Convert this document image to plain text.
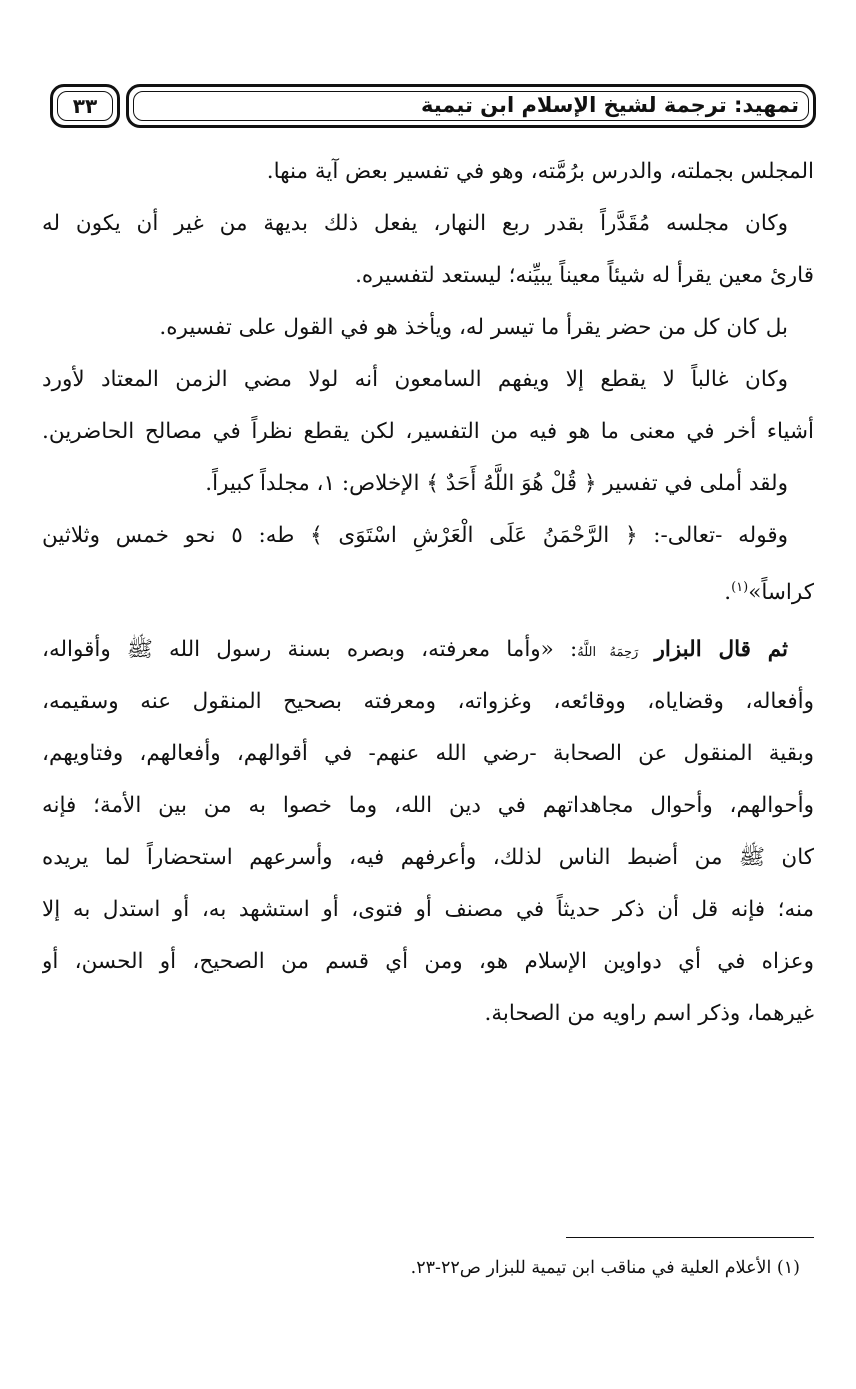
تمهيد: ترجمة لشيخ الإسلام ابن تيمية
٣٣
المجلس بجملته، والدرس برُمَّته، وهو في تفسير بعض آية منها.
وكان مجلسه مُقَدَّراً بقدر ربع النهار، يفعل ذلك بديهة من غير أن يكون له
قارئ معين يقرأ له شيئاً معيناً يبيِّنه؛ ليستعد لتفسيره.
بل كان كل من حضر يقرأ ما تيسر له، ويأخذ هو في القول على تفسيره.
وكان غالباً لا يقطع إلا ويفهم السامعون أنه لولا مضي الزمن المعتاد لأورد
أشياء أخر في معنى ما هو فيه من التفسير، لكن يقطع نظراً في مصالح الحاضرين.
ولقد أملى في تفسير ﴿ قُلْ هُوَ اللَّهُ أَحَدٌ ﴾ الإخلاص: ١، مجلداً كبيراً.
وقوله -تعالى-: ﴿ الرَّحْمَنُ عَلَى الْعَرْشِ اسْتَوَى ﴾ طه: ٥ نحو خمس وثلاثين
كراساً»$^{(١)}$.
ثم قال البزار رَحِمَهُ اللَّهُ: «وأما معرفته، وبصره بسنة رسول الله ﷺ وأقواله،
وأفعاله، وقضاياه، ووقائعه، وغزواته، ومعرفته بصحيح المنقول عنه وسقيمه،
وبقية المنقول عن الصحابة -رضي الله عنهم- في أقوالهم، وأفعالهم، وفتاويهم،
وأحوالهم، وأحوال مجاهداتهم في دين الله، وما خصوا به من بين الأمة؛ فإنه
كان ﷺ من أضبط الناس لذلك، وأعرفهم فيه، وأسرعهم استحضاراً لما يريده
منه؛ فإنه قل أن ذكر حديثاً في مصنف أو فتوى، أو استشهد به، أو استدل به إلا
وعزاه في أي دواوين الإسلام هو، ومن أي قسم من الصحيح، أو الحسن، أو
غيرهما، وذكر اسم راويه من الصحابة.
(١) الأعلام العلية في مناقب ابن تيمية للبزار ص٢٢-٢٣.
